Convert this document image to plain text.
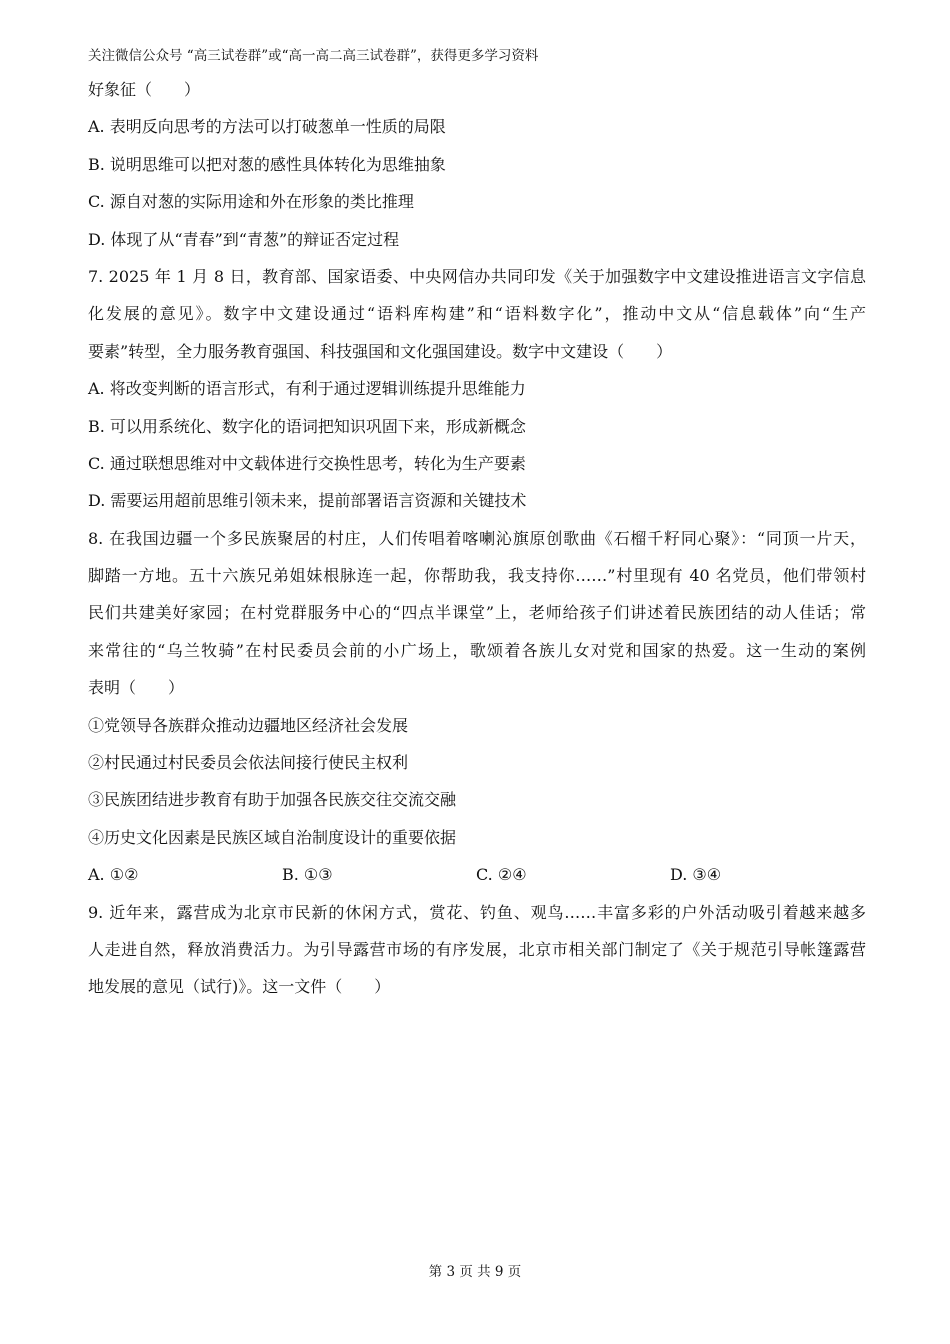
关注微信公众号 “高三试卷群”或“高一高二高三试卷群”，获得更多学习资料
好象征（　　）
A. 表明反向思考的方法可以打破葱单一性质的局限
B. 说明思维可以把对葱的感性具体转化为思维抽象
C. 源自对葱的实际用途和外在形象的类比推理
D. 体现了从“青春”到“青葱”的辩证否定过程
7. 2025 年 1 月 8 日，教育部、国家语委、中央网信办共同印发《关于加强数字中文建设推进语言文字信息
化发展的意见》。数字中文建设通过“语料库构建”和“语料数字化”，推动中文从“信息载体”向“生产
要素”转型，全力服务教育强国、科技强国和文化强国建设。数字中文建设（　　）
A. 将改变判断的语言形式，有利于通过逻辑训练提升思维能力
B. 可以用系统化、数字化的语词把知识巩固下来，形成新概念
C. 通过联想思维对中文载体进行交换性思考，转化为生产要素
D. 需要运用超前思维引领未来，提前部署语言资源和关键技术
8. 在我国边疆一个多民族聚居的村庄，人们传唱着喀喇沁旗原创歌曲《石榴千籽同心聚》：“同顶一片天，
脚踏一方地。五十六族兄弟姐妹根脉连一起，你帮助我，我支持你……”村里现有 40 名党员，他们带领村
民们共建美好家园；在村党群服务中心的“四点半课堂”上，老师给孩子们讲述着民族团结的动人佳话；常
来常往的“乌兰牧骑”在村民委员会前的小广场上，歌颂着各族儿女对党和国家的热爱。这一生动的案例
表明（　　）
①党领导各族群众推动边疆地区经济社会发展
②村民通过村民委员会依法间接行使民主权利
③民族团结进步教育有助于加强各民族交往交流交融
④历史文化因素是民族区域自治制度设计的重要依据
A. ①②	B. ①③	C. ②④	D. ③④
9. 近年来，露营成为北京市民新的休闲方式，赏花、钓鱼、观鸟……丰富多彩的户外活动吸引着越来越多
人走进自然，释放消费活力。为引导露营市场的有序发展，北京市相关部门制定了《关于规范引导帐篷露营
地发展的意见（试行)》。这一文件（　　）
第 3 页 共 9 页
